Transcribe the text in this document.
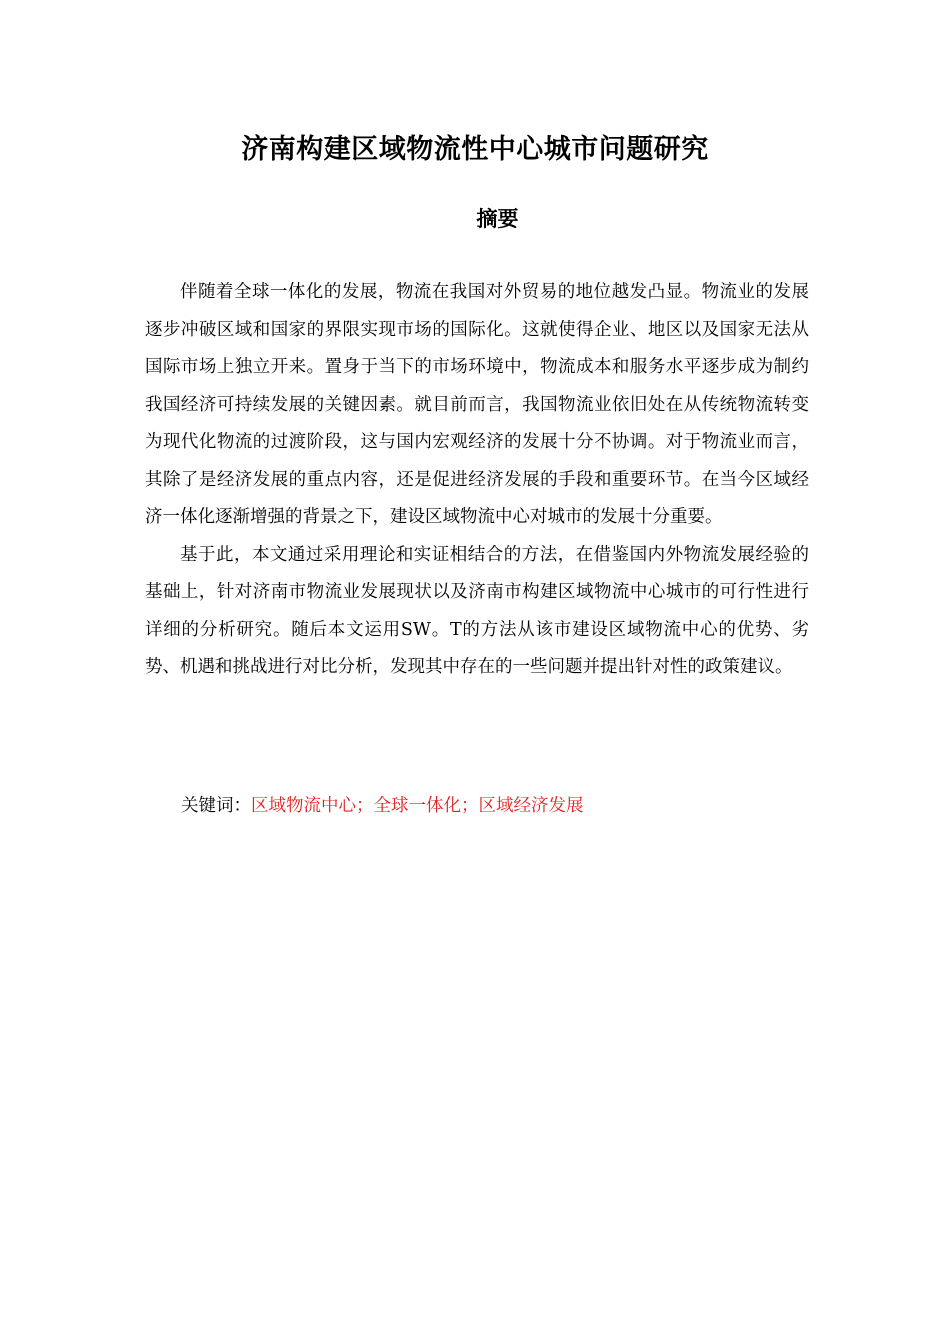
济南构建区域物流性中心城市问题研究
摘要

伴随着全球一体化的发展，物流在我国对外贸易的地位越发凸显。物流业的发展逐步冲破区域和国家的界限实现市场的国际化。这就使得企业、地区以及国家无法从国际市场上独立开来。置身于当下的市场环境中，物流成本和服务水平逐步成为制约我国经济可持续发展的关键因素。就目前而言，我国物流业依旧处在从传统物流转变为现代化物流的过渡阶段，这与国内宏观经济的发展十分不协调。对于物流业而言，其除了是经济发展的重点内容，还是促进经济发展的手段和重要环节。在当今区域经济一体化逐渐增强的背景之下，建设区域物流中心对城市的发展十分重要。

基于此，本文通过采用理论和实证相结合的方法，在借鉴国内外物流发展经验的基础上，针对济南市物流业发展现状以及济南市构建区域物流中心城市的可行性进行详细的分析研究。随后本文运用SW。T的方法从该市建设区域物流中心的优势、劣势、机遇和挑战进行对比分析，发现其中存在的一些问题并提出针对性的政策建议。

关键词：区域物流中心；全球一体化；区域经济发展
